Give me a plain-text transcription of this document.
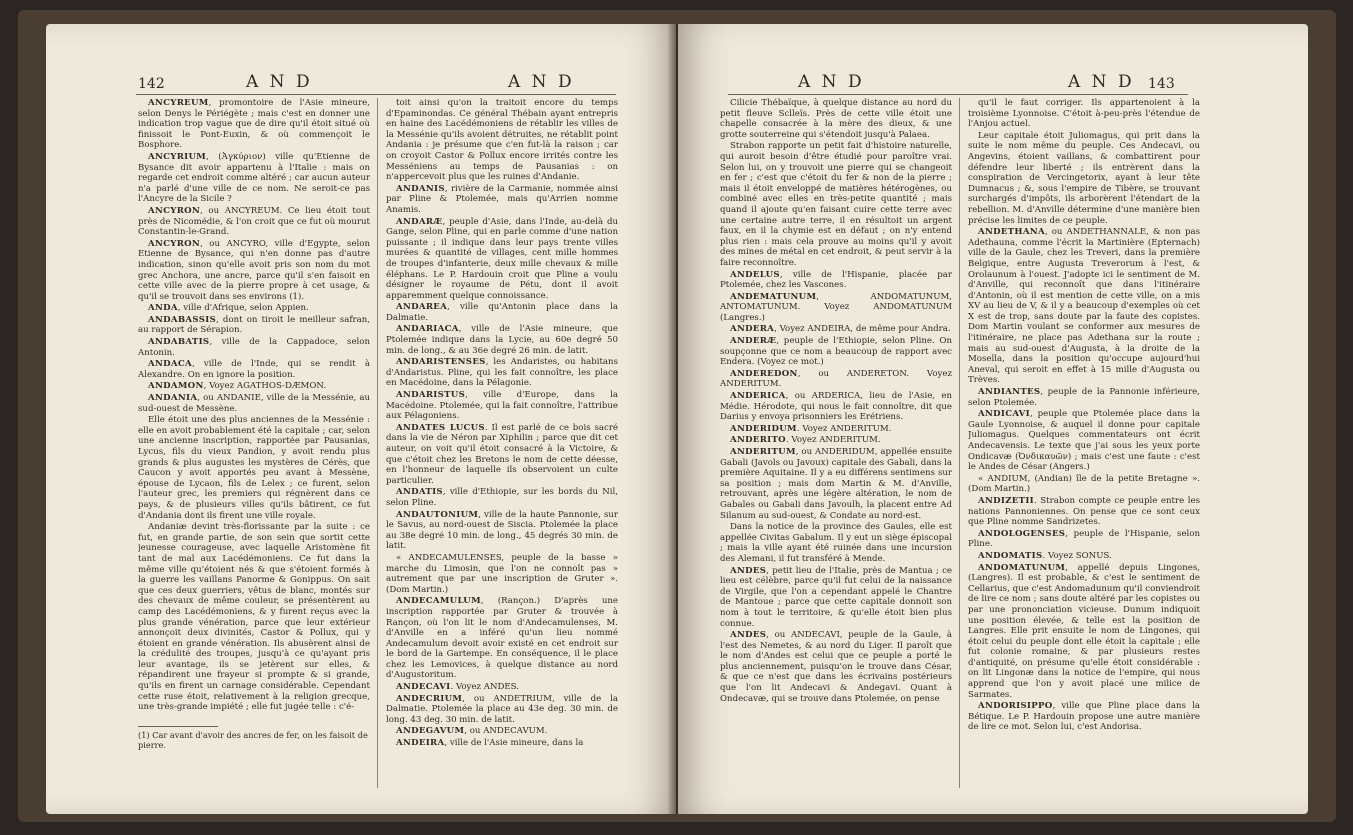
142	A N D	A N D

ANCYREUM, promontoire de l'Asie mineure, selon Denys le Périégète ; mais c'est en donner une indication trop vague que de dire qu'il étoit situé où finissoit le Pont-Euxin, & où commençoit le Bosphore.

ANCYRIUM, (Ἀγκύριον) ville qu'Etienne de Bysance dit avoir appartenu à l'Italie : mais on regarde cet endroit comme altéré ; car aucun auteur n'a parlé d'une ville de ce nom. Ne seroit-ce pas l'Ancyre de la Sicile ?

ANCYRON, ou ANCYREUM. Ce lieu étoit tout près de Nicomédie, & l'on croit que ce fut où mourut Constantin-le-Grand.

ANCYRON, ou ANCYRO, ville d'Egypte, selon Etienne de Bysance, qui n'en donne pas d'autre indication, sinon qu'elle avoit pris son nom du mot grec Anchora, une ancre, parce qu'il s'en faisoit en cette ville avec de la pierre propre à cet usage, & qu'il se trouvoit dans ses environs (1).

ANDA, ville d'Afrique, selon Appien.

ANDABASSIS, dont on tiroit le meilleur safran, au rapport de Sérapion.

ANDABATIS, ville de la Cappadoce, selon Antonin.

ANDACA, ville de l'Inde, qui se rendit à Alexandre. On en ignore la position.

ANDAMON, Voyez AGATHOS-DÆMON.

ANDANIA, ou ANDANIE, ville de la Messénie, au sud-ouest de Messène.

Elle étoit une des plus anciennes de la Messénie : elle en avoit probablement été la capitale ; car, selon une ancienne inscription, rapportée par Pausanias, Lycus, fils du vieux Pandion, y avoit rendu plus grands & plus augustes les mystères de Cérès, que Caucon y avoit apportés peu avant à Messène, épouse de Lycaon, fils de Lelex ; ce furent, selon l'auteur grec, les premiers qui régnèrent dans ce pays, & de plusieurs villes qu'ils bâtirent, ce fut d'Andania dont ils firent une ville royale.

Andaniæ devint très-florissante par la suite : ce fut, en grande partie, de son sein que sortit cette jeunesse courageuse, avec laquelle Aristomène fit tant de mal aux Lacédémoniens. Ce fut dans la même ville qu'étoient nés & que s'étoient formés à la guerre les vaillans Panorme & Gonippus. On sait que ces deux guerriers, vêtus de blanc, montés sur des chevaux de même couleur, se présentèrent au camp des Lacédémoniens, & y furent reçus avec la plus grande vénération, parce que leur extérieur annonçoit deux divinités, Castor & Pollux, qui y étoient en grande vénération. Ils abusèrent ainsi de la crédulité des troupes, jusqu'à ce qu'ayant pris leur avantage, ils se jetèrent sur elles, & répandirent une frayeur si prompte & si grande, qu'ils en firent un carnage considérable. Cependant cette ruse étoit, relativement à la religion grecque, une très-grande impiété ; elle fut jugée telle : c'é-

(1) Car avant d'avoir des ancres de fer, on les faisoit de pierre.

toit ainsi qu'on la traitoit encore du temps d'Epaminondas. Ce général Thébain ayant entrepris en haine des Lacédémoniens de rétablir les villes de la Messénie qu'ils avoient détruites, ne rétablit point Andania : je présume que c'en fut-là la raison ; car on croyoit Castor & Pollux encore irrités contre les Messéniens au temps de Pausanias : on n'appercevoit plus que les ruines d'Andanie.

ANDANIS, rivière de la Carmanie, nommée ainsi par Pline & Ptolemée, mais qu'Arrien nomme Anamis.

ANDARÆ, peuple d'Asie, dans l'Inde, au-delà du Gange, selon Pline, qui en parle comme d'une nation puissante ; il indique dans leur pays trente villes murées & quantité de villages, cent mille hommes de troupes d'infanterie, deux mille chevaux & mille éléphans. Le P. Hardouin croit que Pline a voulu désigner le royaume de Pétu, dont il avoit apparemment quelque connoissance.

ANDAREA, ville qu'Antonin place dans la Dalmatie.

ANDARIACA, ville de l'Asie mineure, que Ptolemée indique dans la Lycie, au 60e degré 50 min. de long., & au 36e degré 26 min. de latit.

ANDARISTENSES, les Andaristes, ou habitans d'Andaristus. Pline, qui les fait connoître, les place en Macédoine, dans la Pélagonie.

ANDARISTUS, ville d'Europe, dans la Macédoine. Ptolemée, qui la fait connoître, l'attribue aux Pélagoniens.

ANDATES LUCUS. Il est parlé de ce bois sacré dans la vie de Néron par Xiphilin ; parce que dit cet auteur, on voit qu'il étoit consacré à la Victoire, & que c'étoit chez les Bretons le nom de cette déesse, en l'honneur de laquelle ils observoient un culte particulier.

ANDATIS, ville d'Ethiopie, sur les bords du Nil, selon Pline.

ANDAUTONIUM, ville de la haute Pannonie, sur le Savus, au nord-ouest de Siscia. Ptolemée la place au 38e degré 10 min. de long., 45 degrés 30 min. de latit.

« ANDECAMULENSES, peuple de la basse » marche du Limosin, que l'on ne connoît pas » autrement que par une inscription de Gruter ». (Dom Martin.)

ANDECAMULUM, (Rançon.) D'après une inscription rapportée par Gruter & trouvée à Rançon, où l'on lit le nom d'Andecamulenses, M. d'Anville en a inféré qu'un lieu nommé Andecamulum devoit avoir existé en cet endroit sur le bord de la Gartempe. En conséquence, il le place chez les Lemovices, à quelque distance au nord d'Augustoritum.

ANDECAVI. Voyez ANDES.

ANDECRIUM, ou ANDETRIUM, ville de la Dalmatie. Ptolemée la place au 43e deg. 30 min. de long. 43 deg. 30 min. de latit.

ANDEGAVUM, ou ANDECAVUM.

ANDEIRA, ville de l'Asie mineure, dans la

A N D	A N D 143

Cilicie Thébaïque, à quelque distance au nord du petit fleuve Sclleïs. Près de cette ville étoit une chapelle consacrée à la mère des dieux, & une grotte souterreine qui s'étendoit jusqu'à Palaea.

Strabon rapporte un petit fait d'histoire naturelle, qui auroit besoin d'être étudié pour paroître vrai. Selon lui, on y trouvoit une pierre qui se changeoit en fer ; c'est que c'étoit du fer & non de la pierre ; mais il étoit enveloppé de matières hétérogènes, ou combiné avec elles en très-petite quantité ; mais quand il ajoute qu'en faisant cuire cette terre avec une certaine autre terre, il en résultoit un argent faux, en il la chymie est en défaut ; on n'y entend plus rien : mais cela prouve au moins qu'il y avoit des mines de métal en cet endroit, & peut servir à la faire reconnoître.

ANDELUS, ville de l'Hispanie, placée par Ptolemée, chez les Vascones.

ANDEMATUNUM, ANDOMATUNUM, ANTOMATUNUM. Voyez ANDOMATUNUM (Langres.)

ANDERA, Voyez ANDEIRA, de même pour Andra.

ANDERÆ, peuple de l'Ethiopie, selon Pline. On soupçonne que ce nom a beaucoup de rapport avec Endera. (Voyez ce mot.)

ANDEREDON, ou ANDERETON. Voyez ANDERITUM.

ANDERICA, ou ARDERICA, lieu de l'Asie, en Médie. Hérodote, qui nous le fait connoître, dit que Darius y envoya prisonniers les Erétriens.

ANDERIDUM. Voyez ANDERITUM.

ANDERITO. Voyez ANDERITUM.

ANDERITUM, ou ANDERIDUM, appellée ensuite Gabali (Javols ou Javoux) capitale des Gabali, dans la première Aquitaine. Il y a eu différens sentimens sur sa position ; mais dom Martin & M. d'Anville, retrouvant, après une légère altération, le nom de Gabales ou Gabali dans Javoulh, la placent entre Ad Silanum au sud-ouest, & Condate au nord-est.

Dans la notice de la province des Gaules, elle est appellée Civitas Gabalum. Il y eut un siège épiscopal ; mais la ville ayant été ruinée dans une incursion des Alemani, il fut transféré à Mende.

ANDES, petit lieu de l'Italie, près de Mantua ; ce lieu est célèbre, parce qu'il fut celui de la naissance de Virgile, que l'on a cependant appelé le Chantre de Mantoue ; parce que cette capitale donnoit son nom à tout le territoire, & qu'elle étoit bien plus connue.

ANDES, ou ANDECAVI, peuple de la Gaule, à l'est des Nemetes, & au nord du Liger. Il paroît que le nom d'Andes est celui que ce peuple a porté le plus anciennement, puisqu'on le trouve dans César, & que ce n'est que dans les écrivains postérieurs que l'on lit Andecavi & Andegavi. Quant à Ondecavæ, qui se trouve dans Ptolemée, on pense

qu'il le faut corriger. Ils appartenoient à la troisième Lyonnoise. C'étoit à-peu-près l'étendue de l'Anjou actuel.

Leur capitale étoit Juliomagus, qui prit dans la suite le nom même du peuple. Ces Andecavi, ou Angevins, étoient vaillans, & combattirent pour défendre leur liberté ; ils entrèrent dans la conspiration de Vercingetorix, ayant à leur tête Dumnacus ; &, sous l'empire de Tibère, se trouvant surchargés d'impôts, ils arborèrent l'étendart de la rebellion. M. d'Anville détermine d'une manière bien précise les limites de ce peuple.

ANDETHANA, ou ANDETHANNALE, & non pas Adethauna, comme l'écrit la Martinière (Epternach) ville de la Gaule, chez les Treveri, dans la première Belgique, entre Augusta Treverorum à l'est, & Orolaunum à l'ouest. J'adopte ici le sentiment de M. d'Anville, qui reconnoît que dans l'itinéraire d'Antonin, où il est mention de cette ville, on a mis XV au lieu de V, & il y a beaucoup d'exemples où cet X est de trop, sans doute par la faute des copistes. Dom Martin voulant se conformer aux mesures de l'itinéraire, ne place pas Adethana sur la route ; mais au sud-ouest d'Augusta, à la droite de la Mosella, dans la position qu'occupe aujourd'hui Aneval, qui seroit en effet à 15 mille d'Augusta ou Trèves.

ANDIANTES, peuple de la Pannonie inférieure, selon Ptolemée.

ANDICAVI, peuple que Ptolemée place dans la Gaule Lyonnoise, & auquel il donne pour capitale Juliomagus. Quelques commentateurs ont écrit Andecavensis. Le texte que j'ai sous les yeux porte Ondicavæ (Ὀνδικαυῶν) ; mais c'est une faute : c'est le Andes de César (Angers.)

« ANDIUM, (Andian) île de la petite Bretagne ». (Dom Martin.)

ANDIZETII. Strabon compte ce peuple entre les nations Pannoniennes. On pense que ce sont ceux que Pline nomme Sandrizetes.

ANDOLOGENSES, peuple de l'Hispanie, selon Pline.

ANDOMATIS. Voyez SONUS.

ANDOMATUNUM, appellé depuis Lingones, (Langres). Il est probable, & c'est le sentiment de Cellarius, que c'est Andomadunum qu'il conviendroit de lire ce nom ; sans doute altéré par les copistes ou par une prononciation vicieuse. Dunum indiquoit une position élevée, & telle est la position de Langres. Elle prit ensuite le nom de Lingones, qui étoit celui du peuple dont elle étoit la capitale ; elle fut colonie romaine, & par plusieurs restes d'antiquité, on présume qu'elle étoit considérable : on lit Lingonæ dans la notice de l'empire, qui nous apprend que l'on y avoit placé une milice de Sarmates.

ANDORISIPPO, ville que Pline place dans la Bétique. Le P. Hardouin propose une autre manière de lire ce mot. Selon lui, c'est Andorisa.
